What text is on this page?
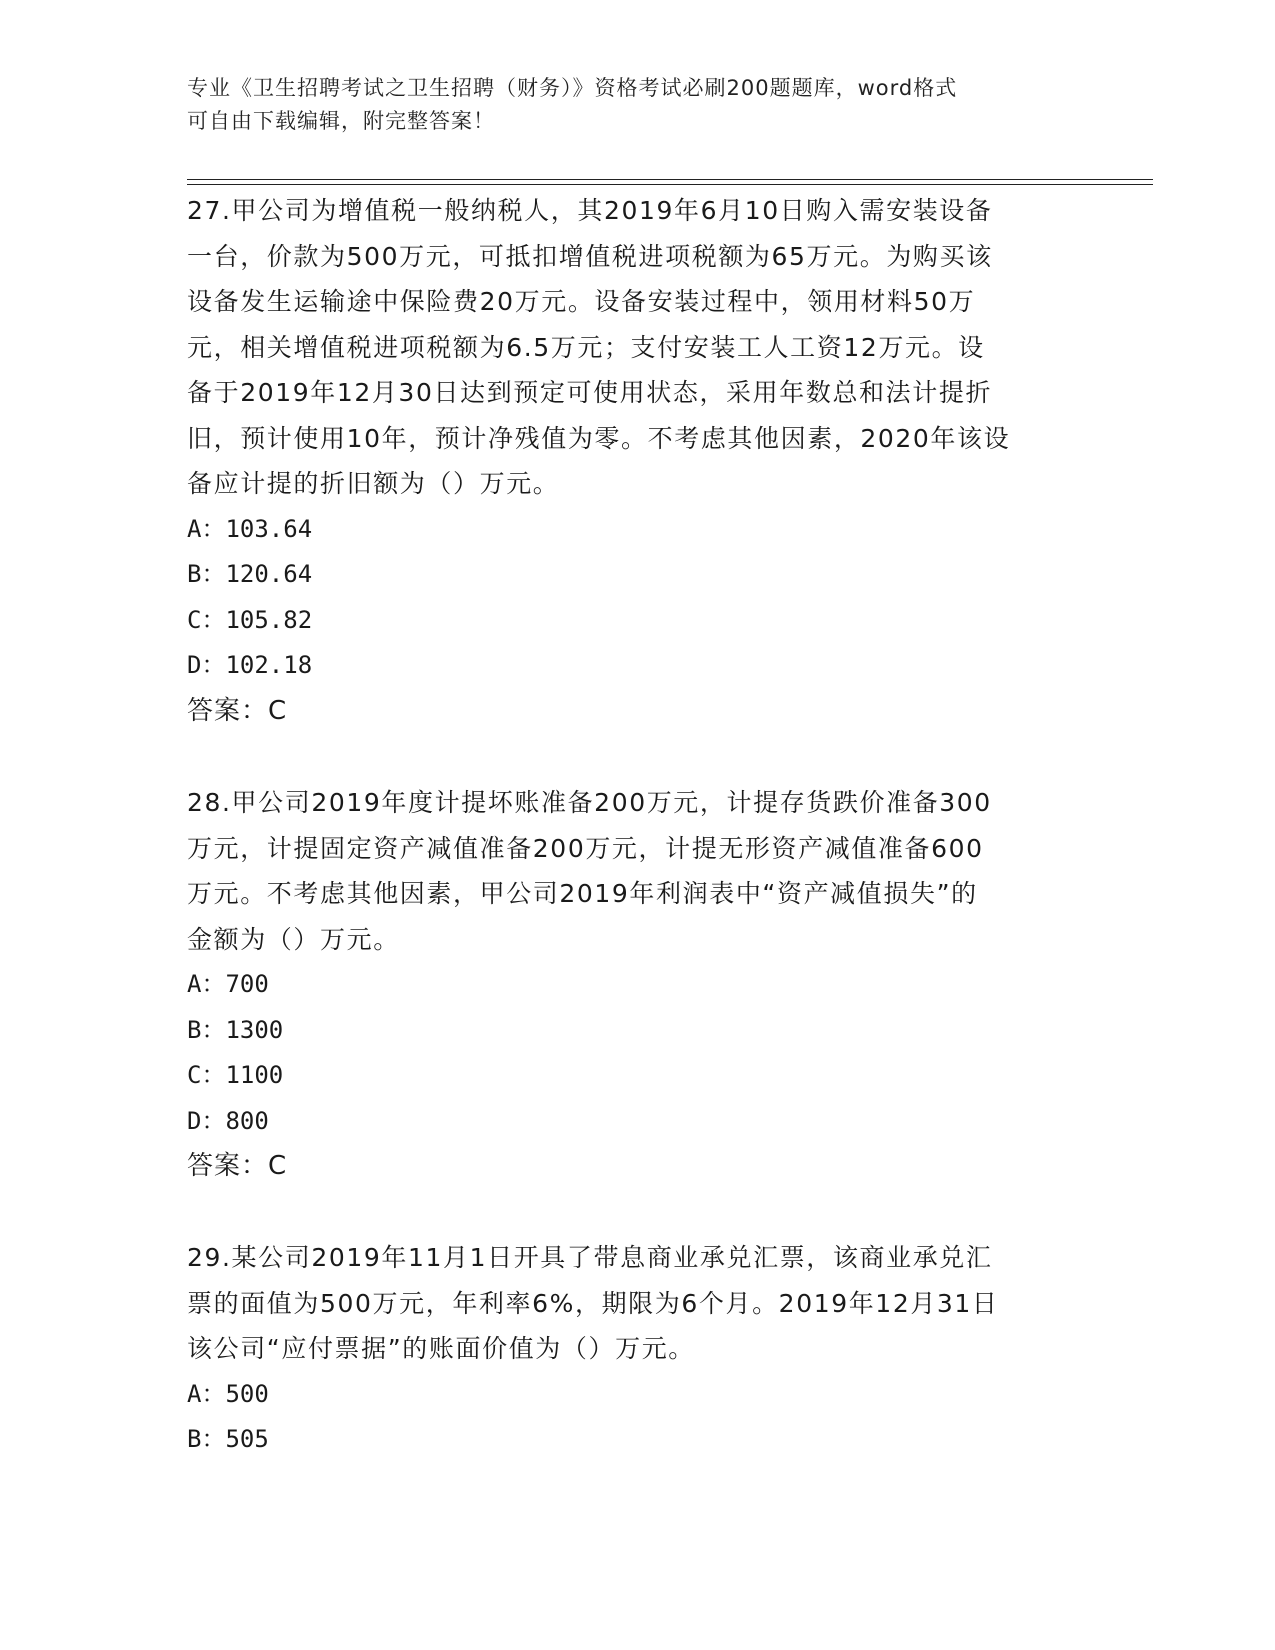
专业《卫生招聘考试之卫生招聘（财务）》资格考试必刷200题题库，word格式
可自由下载编辑，附完整答案！

27.甲公司为增值税一般纳税人，其2019年6月10日购入需安装设备

一台，价款为500万元，可抵扣增值税进项税额为65万元。为购买该

设备发生运输途中保险费20万元。设备安装过程中，领用材料50万

元，相关增值税进项税额为6.5万元；支付安装工人工资12万元。设

备于2019年12月30日达到预定可使用状态，采用年数总和法计提折

旧，预计使用10年，预计净残值为零。不考虑其他因素，2020年该设

备应计提的折旧额为（）万元。

A：103.64

B：120.64

C：105.82

D：102.18

答案：C

28.甲公司2019年度计提坏账准备200万元，计提存货跌价准备300

万元，计提固定资产减值准备200万元，计提无形资产减值准备600

万元。不考虑其他因素，甲公司2019年利润表中“资产减值损失”的

金额为（）万元。

A：700

B：1300

C：1100

D：800

答案：C

29.某公司2019年11月1日开具了带息商业承兑汇票，该商业承兑汇

票的面值为500万元，年利率6%，期限为6个月。2019年12月31日

该公司“应付票据”的账面价值为（）万元。

A：500

B：505
